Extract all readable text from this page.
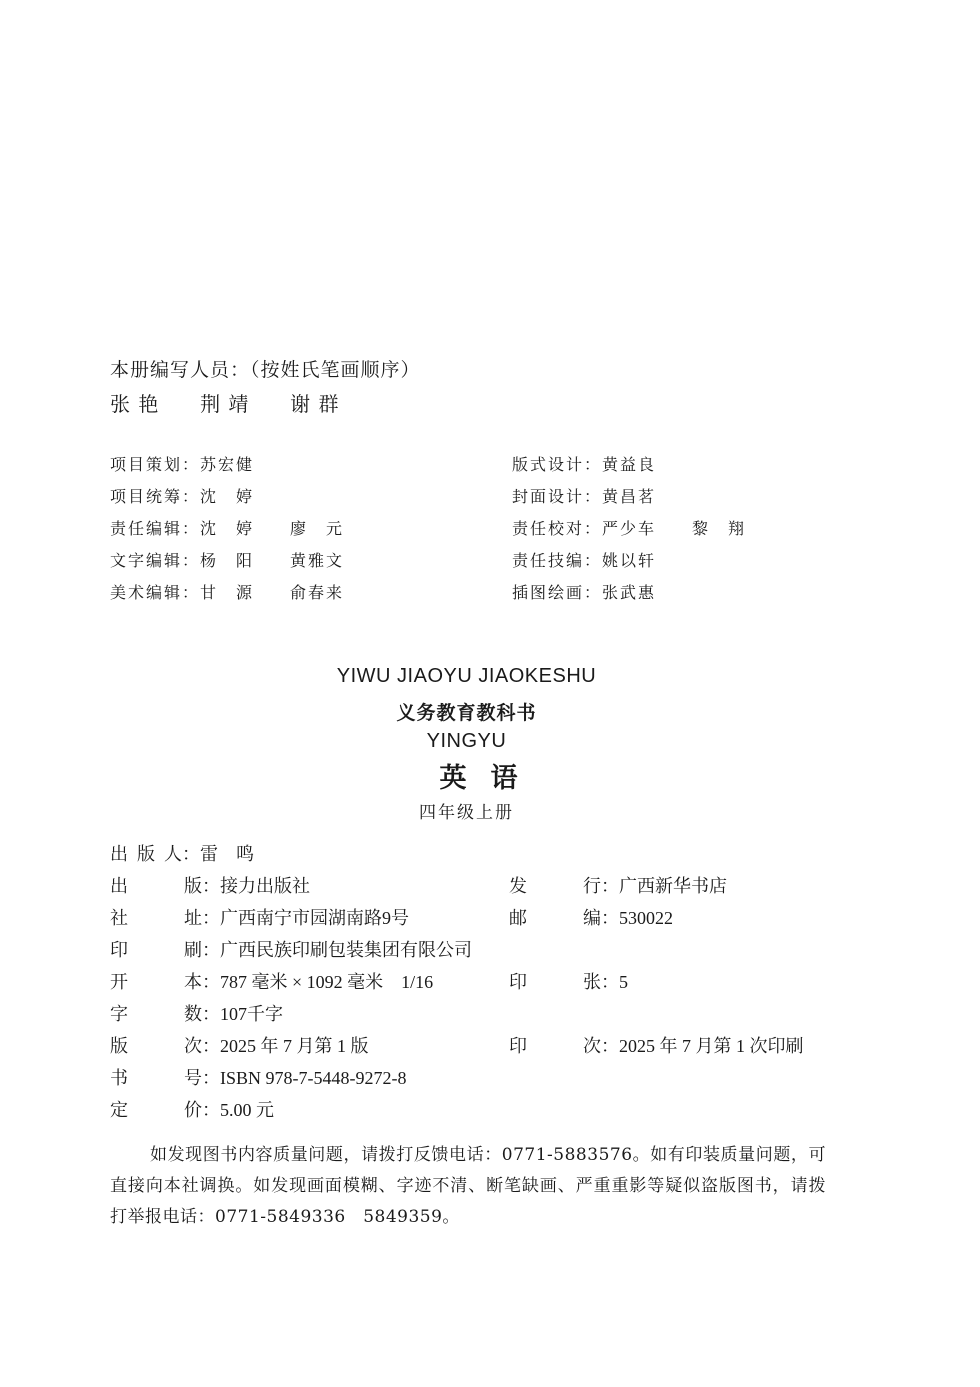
本册编写人员：（按姓氏笔画顺序）
张 艳 荆 靖 谢 群
项目策划：苏宏健
项目统筹：沈　婷
责任编辑：沈　婷　　廖　元
文字编辑：杨　阳　　黄雅文
美术编辑：甘　源　　俞春来
版式设计：黄益良
封面设计：黄昌茗
责任校对：严少车　　黎　翔
责任技编：姚以轩
插图绘画：张武惠
YIWU JIAOYU JIAOKESHU
义务教育教科书
YINGYU
英语
四年级上册
出版人：雷　鸣
出版：接力出版社
社址：广西南宁市园湖南路9号
印刷：广西民族印刷包装集团有限公司
开本：787 毫米 × 1092 毫米　1/16
字数：107千字
版次：2025 年 7 月第 1 版
书号：ISBN 978-7-5448-9272-8
定价：5.00 元
发行：广西新华书店
邮编：530022
印张：5
印次：2025 年 7 月第 1 次印刷
如发现图书内容质量问题，请拨打反馈电话：0771-5883576。如有印装质量问题，可直接向本社调换。如发现画面模糊、字迹不清、断笔缺画、严重重影等疑似盗版图书，请拨打举报电话：0771-5849336　5849359。
